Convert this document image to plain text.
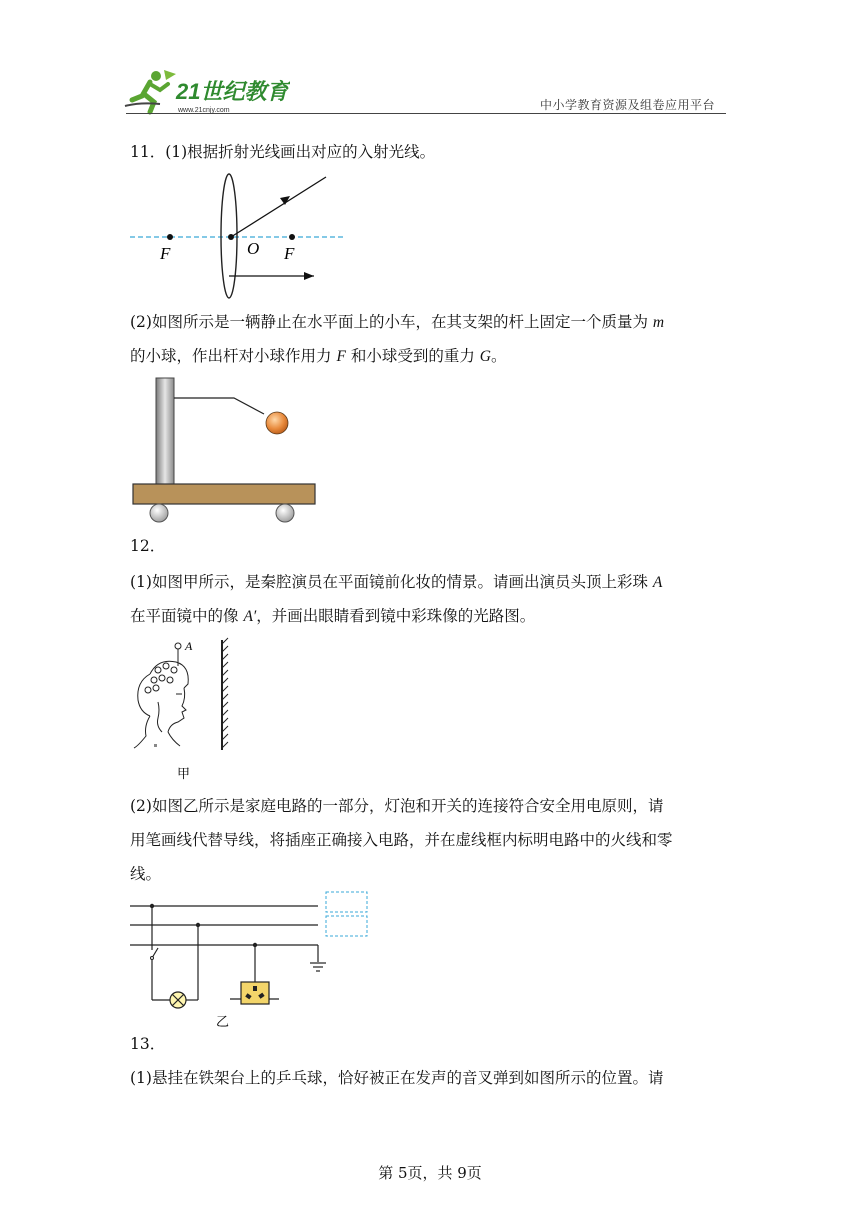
21世纪教育
www.21cnjy.com	中小学教育资源及组卷应用平台
11．(1)根据折射光线画出对应的入射光线。
F	O F
(2)如图所示是一辆静止在水平面上的小车，在其支架的杆上固定一个质量为 m
的小球，作出杆对小球作用力 F 和小球受到的重力 G。
12．
(1)如图甲所示，是秦腔演员在平面镜前化妆的情景。请画出演员头顶上彩珠 A
在平面镜中的像 A′，并画出眼睛看到镜中彩珠像的光路图。
A
甲
(2)如图乙所示是家庭电路的一部分，灯泡和开关的连接符合安全用电原则，请
用笔画线代替导线，将插座正确接入电路，并在虚线框内标明电路中的火线和零
线。
乙
13．
(1)悬挂在铁架台上的乒乓球，恰好被正在发声的音叉弹到如图所示的位置。请
第 5页，共 9页
